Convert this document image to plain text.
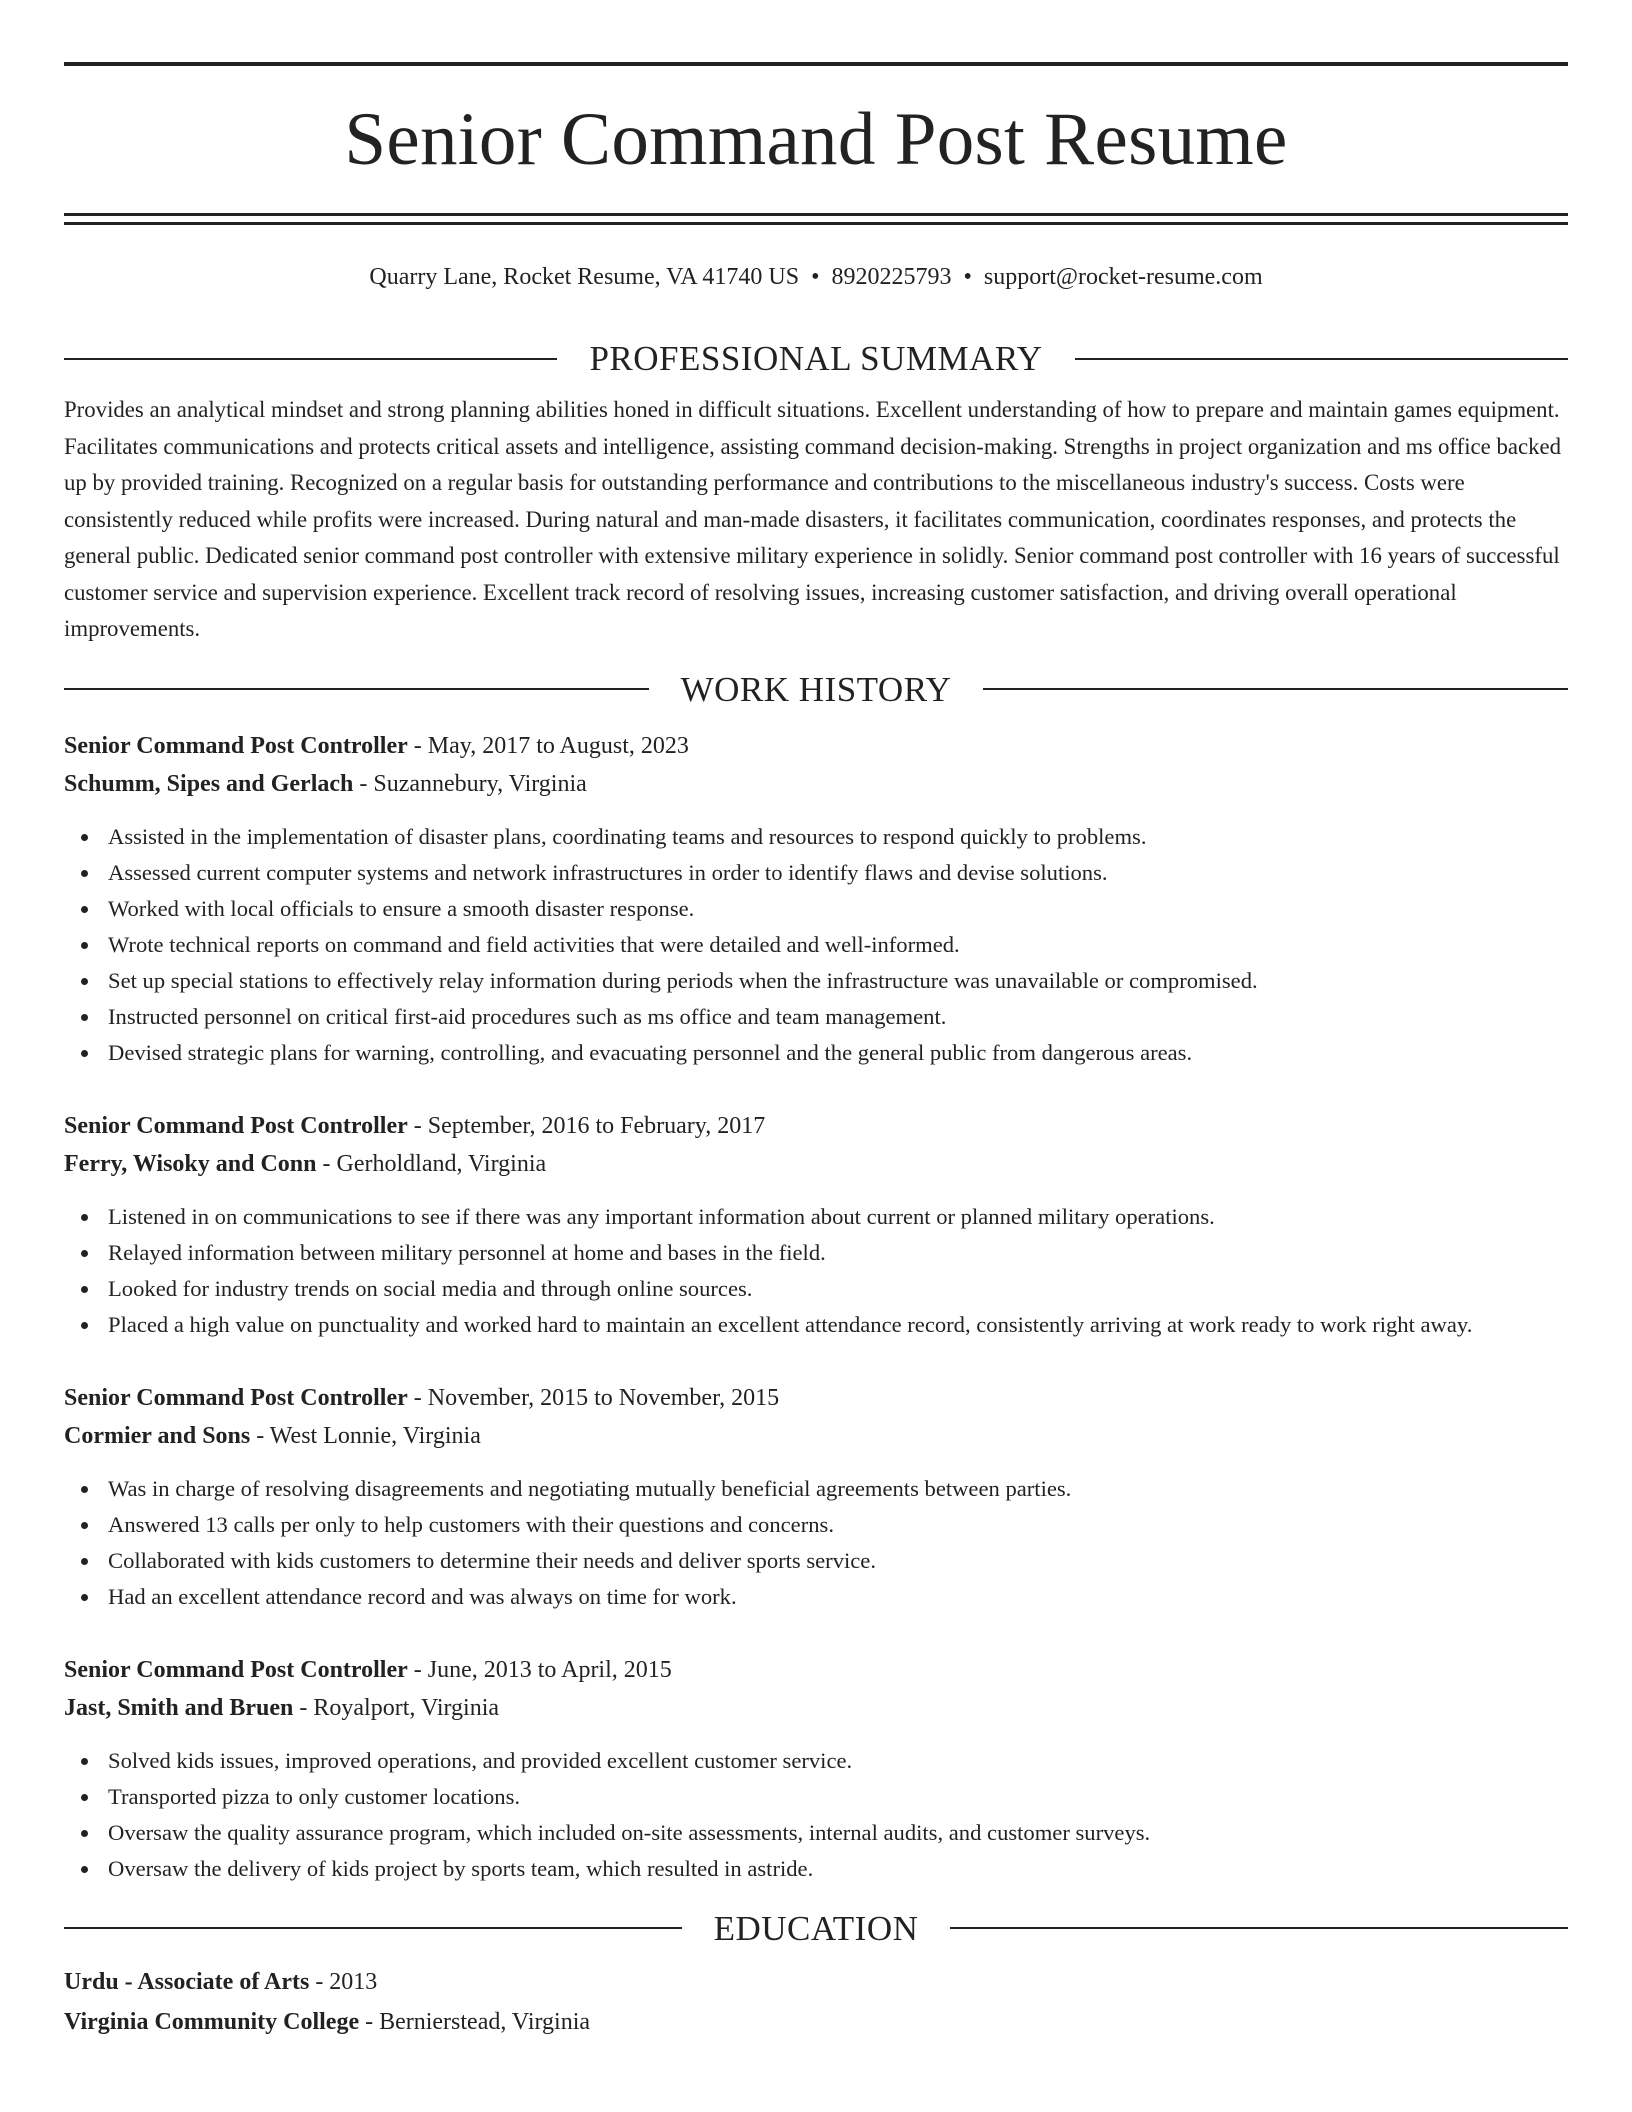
Senior Command Post Resume
Quarry Lane, Rocket Resume, VA 41740 US • 8920225793 • support@rocket-resume.com
PROFESSIONAL SUMMARY

Provides an analytical mindset and strong planning abilities honed in difficult situations. Excellent understanding of how to prepare and maintain games equipment. Facilitates communications and protects critical assets and intelligence, assisting command decision-making. Strengths in project organization and ms office backed up by provided training. Recognized on a regular basis for outstanding performance and contributions to the miscellaneous industry's success. Costs were consistently reduced while profits were increased. During natural and man-made disasters, it facilitates communication, coordinates responses, and protects the general public. Dedicated senior command post controller with extensive military experience in solidly. Senior command post controller with 16 years of successful customer service and supervision experience. Excellent track record of resolving issues, increasing customer satisfaction, and driving overall operational improvements.

WORK HISTORY
Senior Command Post Controller - May, 2017 to August, 2023
Schumm, Sipes and Gerlach - Suzannebury, Virginia
Assisted in the implementation of disaster plans, coordinating teams and resources to respond quickly to problems.
Assessed current computer systems and network infrastructures in order to identify flaws and devise solutions.
Worked with local officials to ensure a smooth disaster response.
Wrote technical reports on command and field activities that were detailed and well-informed.
Set up special stations to effectively relay information during periods when the infrastructure was unavailable or compromised.
Instructed personnel on critical first-aid procedures such as ms office and team management.
Devised strategic plans for warning, controlling, and evacuating personnel and the general public from dangerous areas.
Senior Command Post Controller - September, 2016 to February, 2017
Ferry, Wisoky and Conn - Gerholdland, Virginia
Listened in on communications to see if there was any important information about current or planned military operations.
Relayed information between military personnel at home and bases in the field.
Looked for industry trends on social media and through online sources.
Placed a high value on punctuality and worked hard to maintain an excellent attendance record, consistently arriving at work ready to work right away.
Senior Command Post Controller - November, 2015 to November, 2015
Cormier and Sons - West Lonnie, Virginia
Was in charge of resolving disagreements and negotiating mutually beneficial agreements between parties.
Answered 13 calls per only to help customers with their questions and concerns.
Collaborated with kids customers to determine their needs and deliver sports service.
Had an excellent attendance record and was always on time for work.
Senior Command Post Controller - June, 2013 to April, 2015
Jast, Smith and Bruen - Royalport, Virginia
Solved kids issues, improved operations, and provided excellent customer service.
Transported pizza to only customer locations.
Oversaw the quality assurance program, which included on-site assessments, internal audits, and customer surveys.
Oversaw the delivery of kids project by sports team, which resulted in astride.
EDUCATION
Urdu - Associate of Arts - 2013
Virginia Community College - Bernierstead, Virginia
